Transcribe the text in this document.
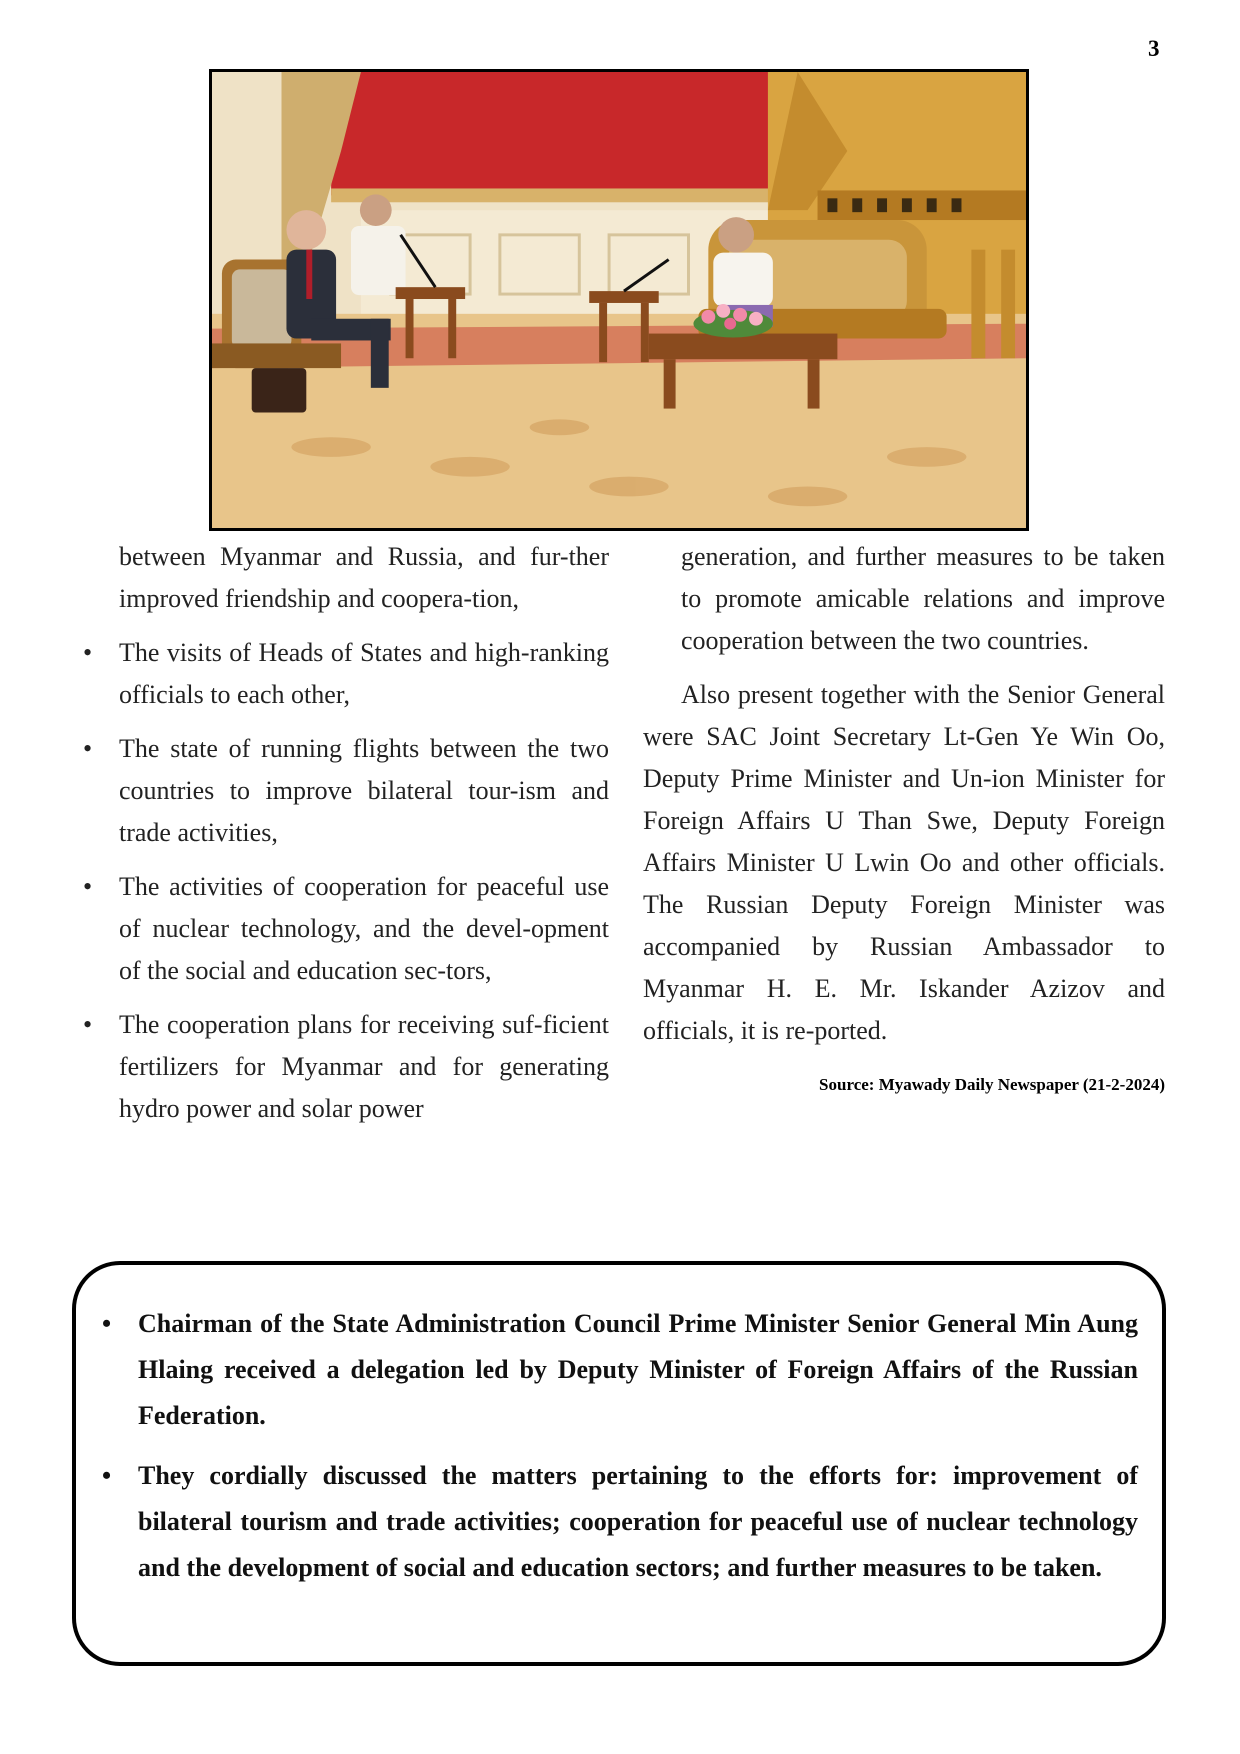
3

between Myanmar and Russia, and fur-ther improved friendship and coopera-tion,

• The visits of Heads of States and high-ranking officials to each other,
• The state of running flights between the two countries to improve bilateral tour-ism and trade activities,
• The activities of cooperation for peaceful use of nuclear technology, and the devel-opment of the social and education sec-tors,
• The cooperation plans for receiving suf-ficient fertilizers for Myanmar and for generating hydro power and solar power

generation, and further measures to be taken to promote amicable relations and improve cooperation between the two countries.

Also present together with the Senior General were SAC Joint Secretary Lt-Gen Ye Win Oo, Deputy Prime Minister and Un-ion Minister for Foreign Affairs U Than Swe, Deputy Foreign Affairs Minister U Lwin Oo and other officials. The Russian Deputy Foreign Minister was accompanied by Russian Ambassador to Myanmar H. E. Mr. Iskander Azizov and officials, it is re-ported.

Source: Myawady Daily Newspaper (21-2-2024)
• Chairman of the State Administration Council Prime Minister Senior General Min Aung Hlaing received a delegation led by Deputy Minister of Foreign Affairs of the Russian Federation.
• They cordially discussed the matters pertaining to the efforts for: improvement of bilateral tourism and trade activities; cooperation for peaceful use of nuclear technology and the development of social and education sectors; and further measures to be taken.
